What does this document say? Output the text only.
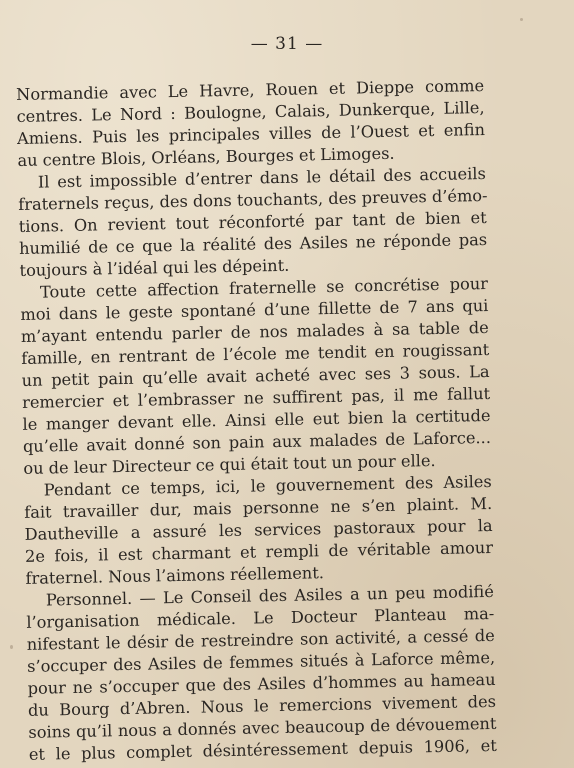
— 31 —

Normandie avec Le Havre, Rouen et Dieppe comme

centres. Le Nord : Boulogne, Calais, Dunkerque, Lille,

Amiens. Puis les principales villes de l’Ouest et enfin

au centre Blois, Orléans, Bourges et Limoges.

Il est impossible d’entrer dans le détail des accueils

fraternels reçus, des dons touchants, des preuves d’émo-

tions. On revient tout réconforté par tant de bien et

humilié de ce que la réalité des Asiles ne réponde pas

toujours à l’idéal qui les dépeint.

Toute cette affection fraternelle se concrétise pour

moi dans le geste spontané d’une fillette de 7 ans qui

m’ayant entendu parler de nos malades à sa table de

famille, en rentrant de l’école me tendit en rougissant

un petit pain qu’elle avait acheté avec ses 3 sous. La

remercier et l’embrasser ne suffirent pas, il me fallut

le manger devant elle. Ainsi elle eut bien la certitude

qu’elle avait donné son pain aux malades de Laforce...

ou de leur Directeur ce qui était tout un pour elle.

Pendant ce temps, ici, le gouvernement des Asiles

fait travailler dur, mais personne ne s’en plaint. M.

Dautheville a assuré les services pastoraux pour la

2e fois, il est charmant et rempli de véritable amour

fraternel. Nous l’aimons réellement.

Personnel. — Le Conseil des Asiles a un peu modifié

l’organisation médicale. Le Docteur Planteau ma-

nifestant le désir de restreindre son activité, a cessé de

s’occuper des Asiles de femmes situés à Laforce même,

pour ne s’occuper que des Asiles d’hommes au hameau

du Bourg d’Abren. Nous le remercions vivement des

soins qu’il nous a donnés avec beaucoup de dévouement

et le plus complet désintéressement depuis 1906, et
